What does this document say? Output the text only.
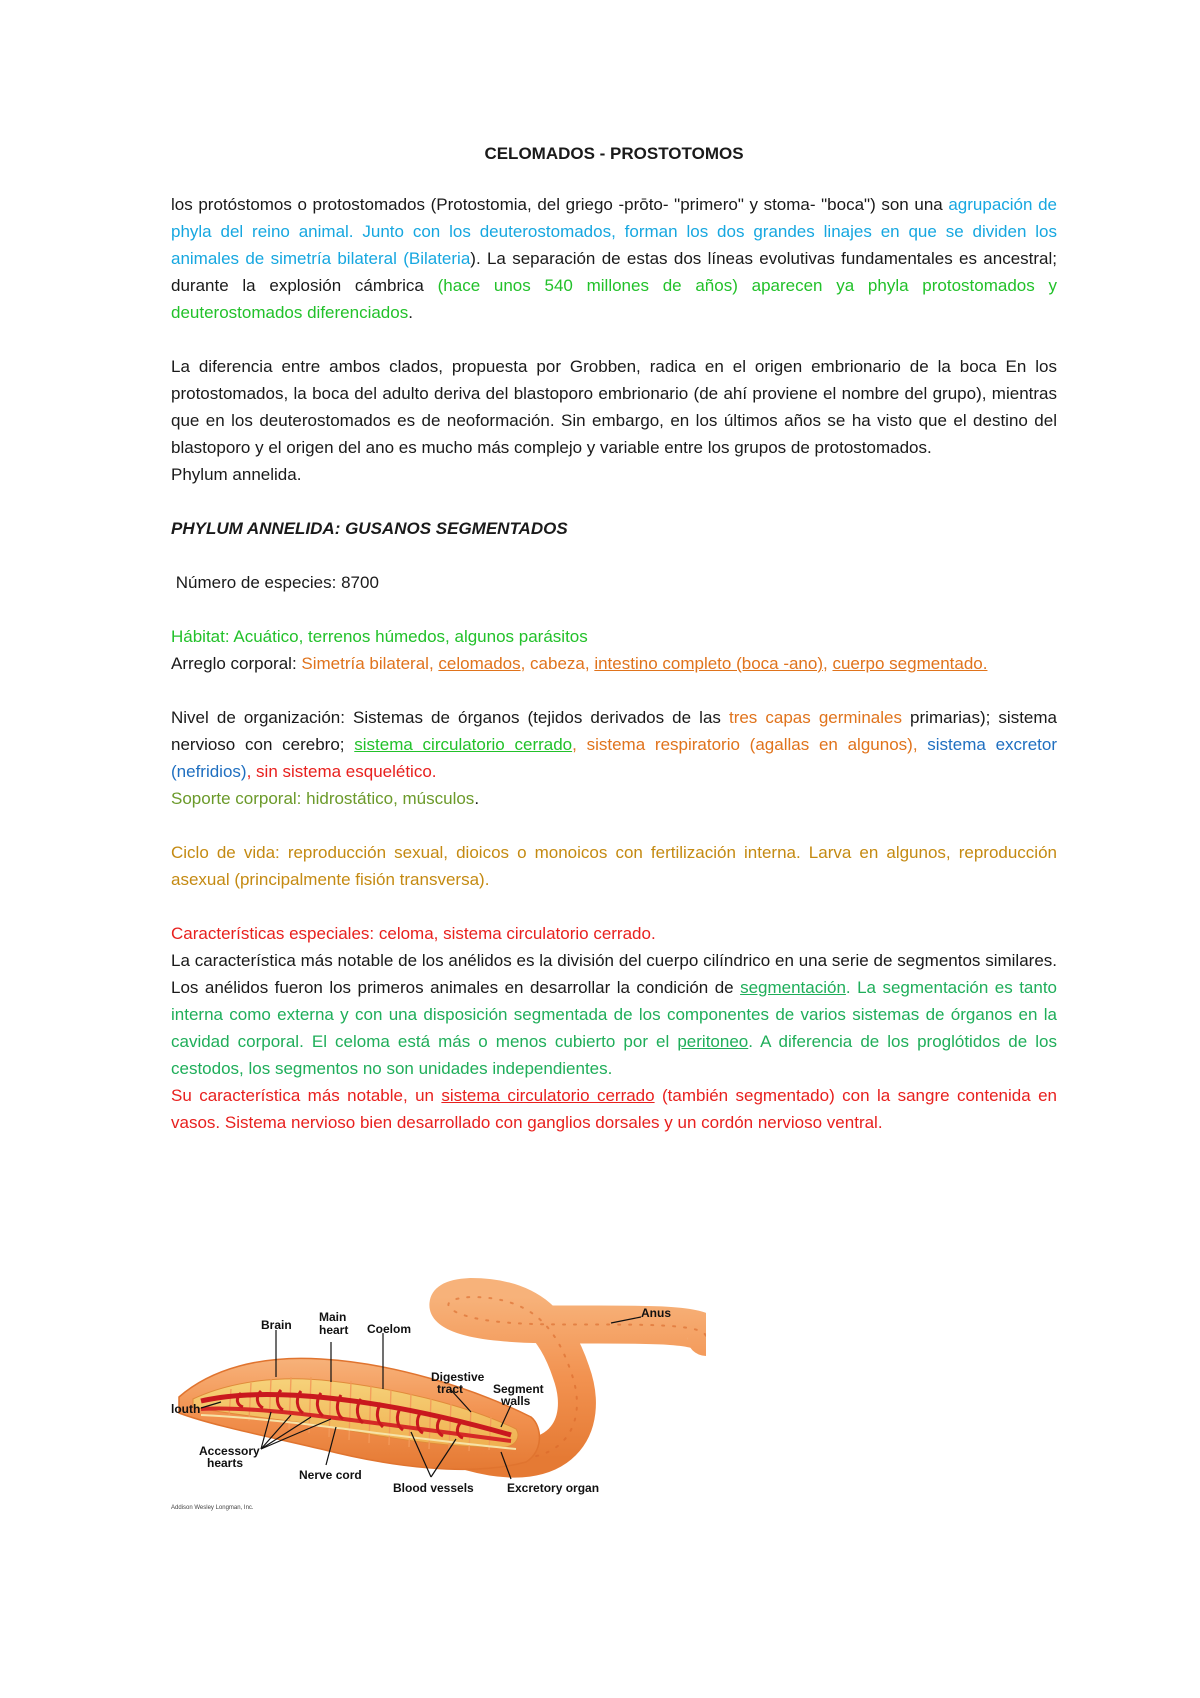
CELOMADOS - PROSTOTOMOS

los protóstomos o protostomados (Protostomia, del griego -prōto- "primero" y stoma- "boca") son una agrupación de phyla del reino animal. Junto con los deuterostomados, forman los dos grandes linajes en que se dividen los animales de simetría bilateral (Bilateria). La separación de estas dos líneas evolutivas fundamentales es ancestral; durante la explosión cámbrica (hace unos 540 millones de años) aparecen ya phyla protostomados y deuterostomados diferenciados.

La diferencia entre ambos clados, propuesta por Grobben, radica en el origen embrionario de la boca En los protostomados, la boca del adulto deriva del blastoporo embrionario (de ahí proviene el nombre del grupo), mientras que en los deuterostomados es de neoformación. Sin embargo, en los últimos años se ha visto que el destino del blastoporo y el origen del ano es mucho más complejo y variable entre los grupos de protostomados.

Phylum annelida.

PHYLUM ANNELIDA: GUSANOS SEGMENTADOS

Número de especies: 8700

Hábitat: Acuático, terrenos húmedos, algunos parásitos

Arreglo corporal: Simetría bilateral, celomados, cabeza, intestino completo (boca -ano), cuerpo segmentado.

Nivel de organización: Sistemas de órganos (tejidos derivados de las tres capas germinales primarias); sistema nervioso con cerebro; sistema circulatorio cerrado, sistema respiratorio (agallas en algunos), sistema excretor (nefridios), sin sistema esquelético.

Soporte corporal: hidrostático, músculos.

Ciclo de vida: reproducción sexual, dioicos o monoicos con fertilización interna. Larva en algunos, reproducción asexual (principalmente fisión transversa).

Características especiales: celoma, sistema circulatorio cerrado.

La característica más notable de los anélidos es la división del cuerpo cilíndrico en una serie de segmentos similares. Los anélidos fueron los primeros animales en desarrollar la condición de segmentación. La segmentación es tanto interna como externa y con una disposición segmentada de los componentes de varios sistemas de órganos en la cavidad corporal. El celoma está más o menos cubierto por el peritoneo. A diferencia de los proglótidos de los cestodos, los segmentos no son unidades independientes.

Su característica más notable, un sistema circulatorio cerrado (también segmentado) con la sangre contenida en vasos. Sistema nervioso bien desarrollado con ganglios dorsales y un cordón nervioso ventral.

Brain
Main
heart Coelom
louth
Digestive
tract Segment
walls
Anus
Accessory
hearts
Nerve cord
Blood vessels	Excretory organ
Addison Wesley Longman, Inc.
